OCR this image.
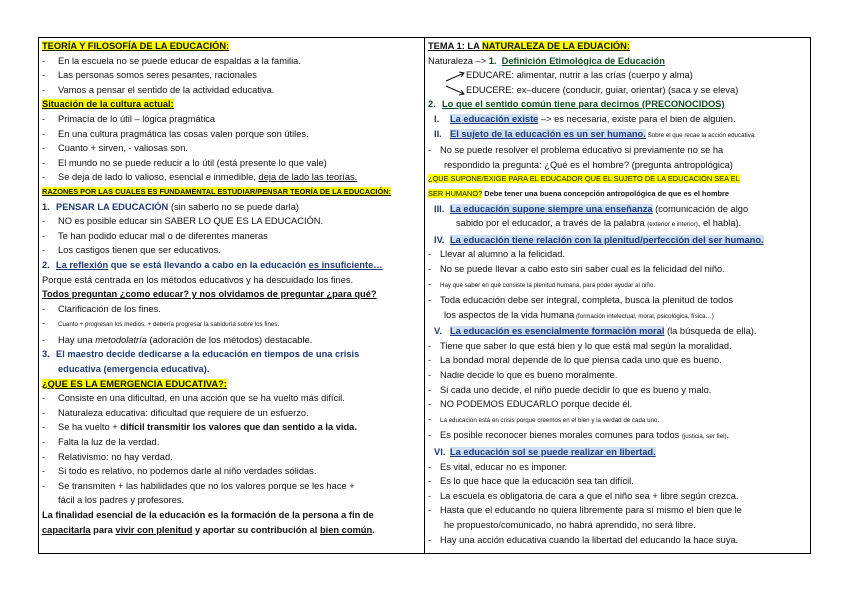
TEORÍA Y FILOSOFÍA DE LA EDUCACIÓN:
- En la escuela no se puede educar de espaldas a la familia.
- Las personas somos seres pesantes, racionales
- Vamos a pensar el sentido de la actividad educativa.
Situación de la cultura actual:
- Primacía de lo útil – lógica pragmática
- En una cultura pragmática las cosas valen porque son útiles.
- Cuanto + sirven, - valiosas son.
- El mundo no se puede reducir a lo útil (está presente lo que vale)
- Se deja de lado lo valioso, esencial e inmedible, deja de lado las teorías.
RAZONES POR LAS CUALES ES FUNDAMENTAL ESTUDIAR/PENSAR TEORÍA DE LA EDUCACIÓN:
1. PENSAR LA EDUCACIÓN (sin saberlo no se puede darla)
- NO es posible educar sin SABER LO QUE ES LA EDUCACIÓN.
- Te han podido educar mal o de diferentes maneras
- Los castigos tienen que ser educativos.
2. La reflexión que se está llevando a cabo en la educación es insuficiente…
Porque está centrada en los métodos educativos y ha descuidado los fines.
Todos preguntan ¿como educar? y nos olvidamos de preguntar ¿para qué?
- Clarificación de los fines.
- Cuanto + progresan los medios, + debería progresar la sabiduría sobre los fines.
- Hay una metodolatría (adoración de los métodos) destacable.
3. El maestro decide dedicarse a la educación en tiempos de una crisis
educativa (emergencia educativa).
¿QUE ES LA EMERGENCIA EDUCATIVA?:
- Consiste en una dificultad, en una acción que se ha vuelto más difícil.
- Naturaleza educativa: dificultad que requiere de un esfuerzo.
- Se ha vuelto + difícil transmitir los valores que dan sentido a la vida.
- Falta la luz de la verdad.
- Relativismo: no hay verdad.
- Si todo es relativo, no podemos darle al niño verdades sólidas.
- Se transmiten + las habilidades que no los valores porque se les hace +
fácil a los padres y profesores.
La finalidad esencial de la educación es la formación de la persona a fin de
capacitarla para vivir con plenitud y aportar su contribución al bien común.
TEMA 1: LA NATURALEZA DE LA EDUACIÓN:
Naturaleza –> 1. Definición Etimológica de Educación
EDUCARE: alimentar, nutrir a las crías (cuerpo y alma)
EDUCERE: ex–ducere (conducir, guiar, orientar) (saca y se eleva)
2. Lo que el sentido común tiene para decirnos (PRECONOCIDOS)
I. La educación existe –> es necesaria, existe para el bien de alguien.
II. El sujeto de la educación es un ser humano. Sobre el que recae la acción educativa.
- No se puede resolver el problema educativo si previamente no se ha
respondido la pregunta: ¿Qué es el hombre? (pregunta antropológica)
¿QUE SUPONE/EXIGE PARA EL EDUCADOR QUE EL SUJETO DE LA EDUCACIÓN SEA EL
SER HUMANO? Debe tener una buena concepción antropológica de que es el hombre
III. La educación supone siempre una enseñanza (comunicación de algo
sabido por el educador, a través de la palabra (exterior e interior), el habla).
IV. La educación tiene relación con la plenitud/perfección del ser humano.
- Llevar al alumno a la felicidad.
- No se puede llevar a cabo esto sin saber cual es la felicidad del niño.
- Hay que saber en qué consiste la plenitud humana, para poder ayudar al niño.
- Toda educación debe ser integral, completa, busca la plenitud de todos
los aspectos de la vida humana (formación intelectual, moral, psicológica, física…)
V. La educación es esencialmente formación moral (la búsqueda de ella).
- Tiene que saber lo que está bien y lo que está mal según la moralidad.
- La bondad moral depende de lo que piensa cada uno que es bueno.
- Nadie decide lo que es bueno moralmente.
- Si cada uno decide, el niño puede decidir lo que es bueno y malo.
- NO PODEMOS EDUCARLO porque decide él.
- La educación está en crisis porque creemos en el bien y la verdad de cada uno.
- Es posible reconocer bienes morales comunes para todos (justicia, ser fiel).
VI. La educación sol se puede realizar en libertad.
- Es vital, educar no es imponer.
- Es lo que hace que la educación sea tan difícil.
- La escuela es obligatoria de cara a que el niño sea + libre según crezca.
- Hasta que el educando no quiera libremente para sí mismo el bien que le
he propuesto/comunicado, no habrá aprendido, no será libre.
- Hay una acción educativa cuando la libertad del educando la hace suya.
